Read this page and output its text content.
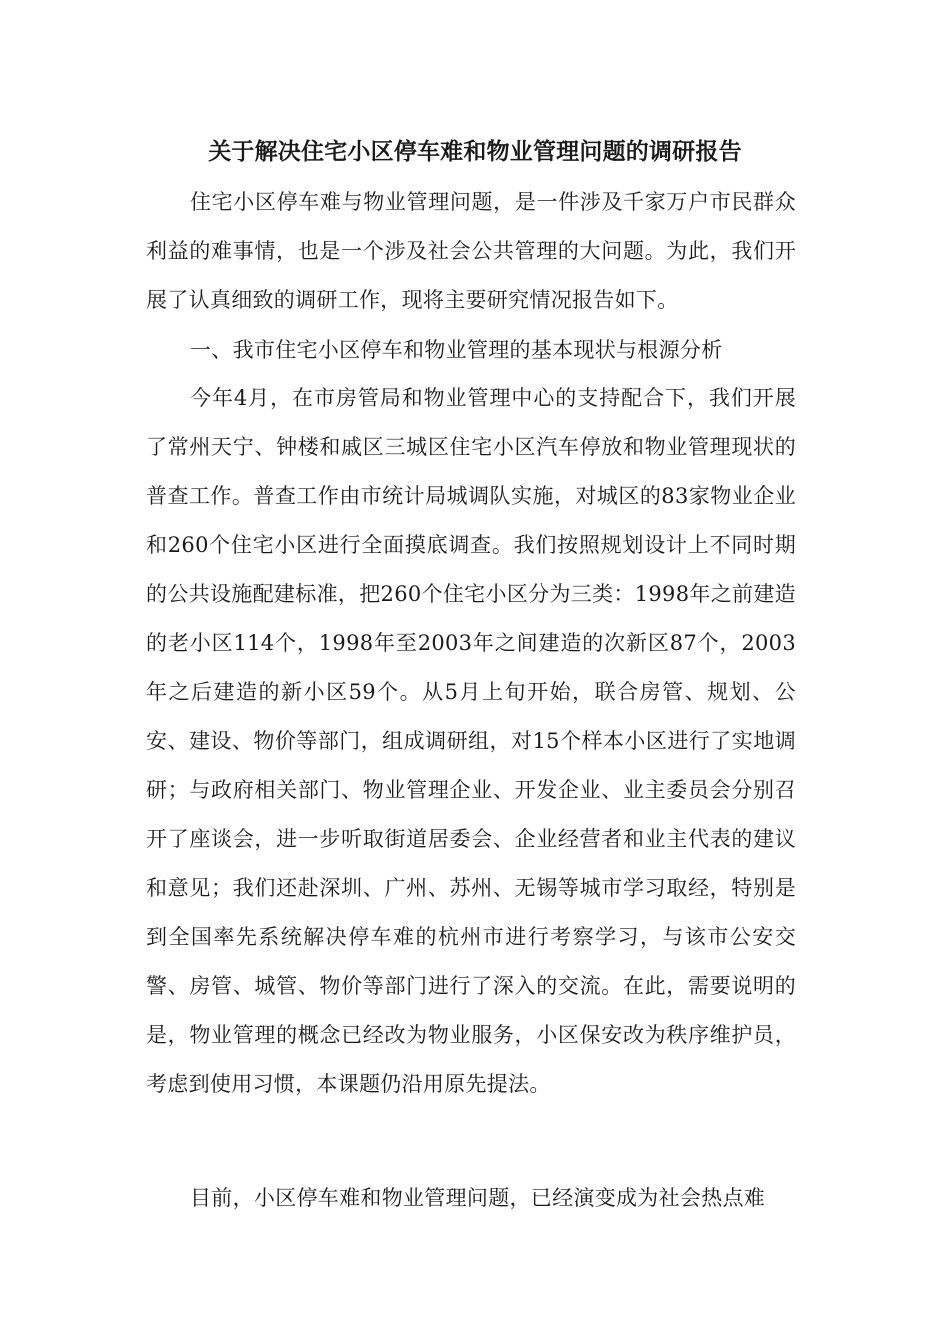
关于解决住宅小区停车难和物业管理问题的调研报告

住宅小区停车难与物业管理问题，是一件涉及千家万户市民群众利益的难事情，也是一个涉及社会公共管理的大问题。为此，我们开展了认真细致的调研工作，现将主要研究情况报告如下。

一、我市住宅小区停车和物业管理的基本现状与根源分析

今年4月，在市房管局和物业管理中心的支持配合下，我们开展了常州天宁、钟楼和戚区三城区住宅小区汽车停放和物业管理现状的普查工作。普查工作由市统计局城调队实施，对城区的83家物业企业和260个住宅小区进行全面摸底调查。我们按照规划设计上不同时期的公共设施配建标准，把260个住宅小区分为三类：1998年之前建造的老小区114个，1998年至2003年之间建造的次新区87个，2003年之后建造的新小区59个。从5月上旬开始，联合房管、规划、公安、建设、物价等部门，组成调研组，对15个样本小区进行了实地调研；与政府相关部门、物业管理企业、开发企业、业主委员会分别召开了座谈会，进一步听取街道居委会、企业经营者和业主代表的建议和意见；我们还赴深圳、广州、苏州、无锡等城市学习取经，特别是到全国率先系统解决停车难的杭州市进行考察学习，与该市公安交警、房管、城管、物价等部门进行了深入的交流。在此，需要说明的是，物业管理的概念已经改为物业服务，小区保安改为秩序维护员，考虑到使用习惯，本课题仍沿用原先提法。

目前，小区停车难和物业管理问题，已经演变成为社会热点难
